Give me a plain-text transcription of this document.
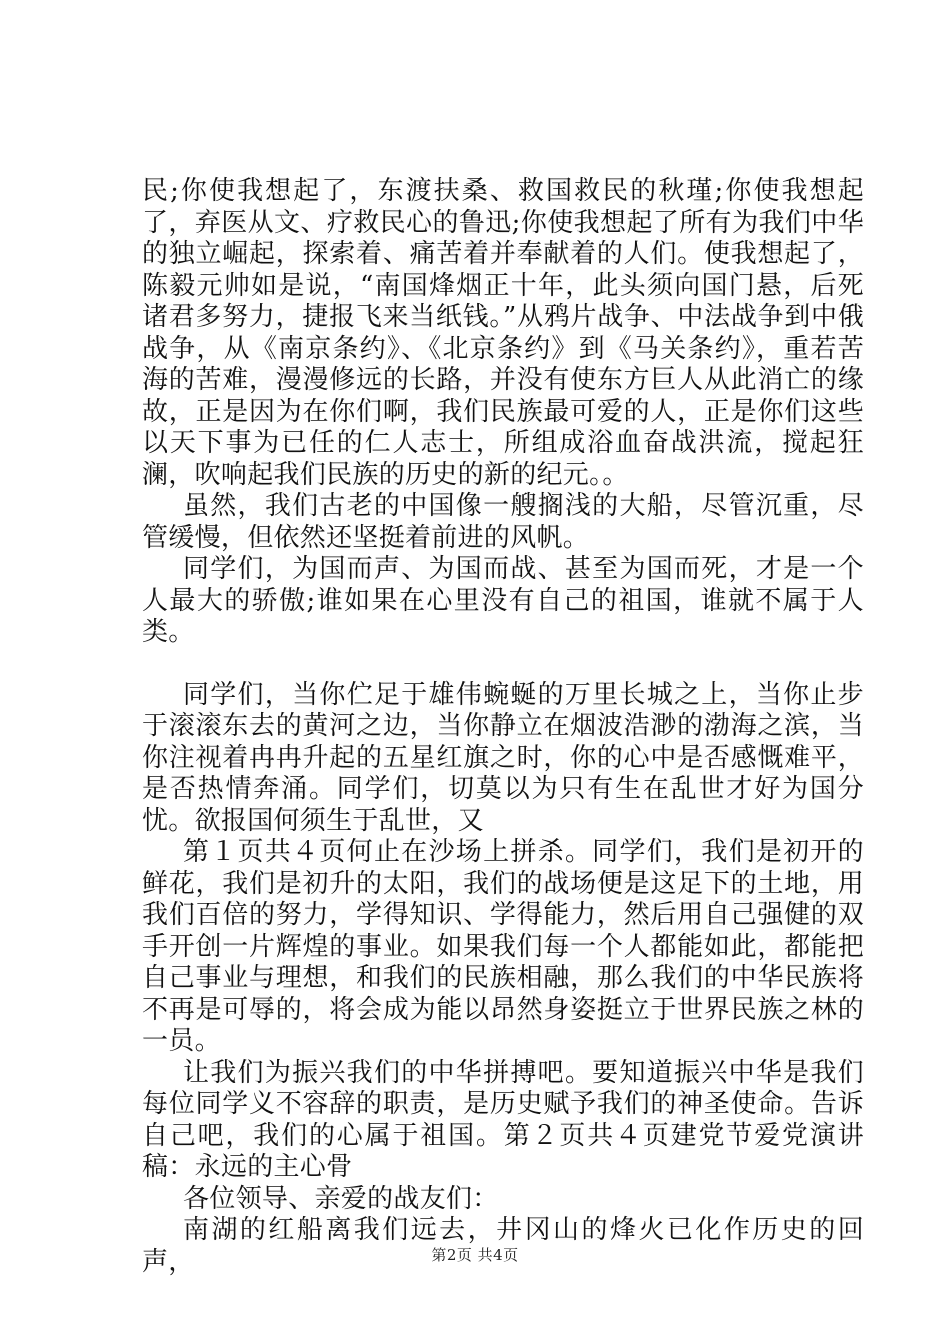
民;你使我想起了，东渡扶桑、救国救民的秋瑾;你使我想起了，弃医从文、疗救民心的鲁迅;你使我想起了所有为我们中华的独立崛起，探索着、痛苦着并奉献着的人们。使我想起了，陈毅元帅如是说，“南国烽烟正十年，此头须向国门悬，后死诸君多努力，捷报飞来当纸钱。”从鸦片战争、中法战争到中俄战争，从《南京条约》、《北京条约》到《马关条约》，重若苦海的苦难，漫漫修远的长路，并没有使东方巨人从此消亡的缘故，正是因为在你们啊，我们民族最可爱的人，正是你们这些以天下事为已任的仁人志士，所组成浴血奋战洪流，搅起狂澜，吹响起我们民族的历史的新的纪元。。

虽然，我们古老的中国像一艘搁浅的大船，尽管沉重，尽管缓慢，但依然还坚挺着前进的风帆。

同学们，为国而声、为国而战、甚至为国而死，才是一个人最大的骄傲;谁如果在心里没有自己的祖国，谁就不属于人类。

同学们，当你伫足于雄伟蜿蜒的万里长城之上，当你止步于滚滚东去的黄河之边，当你静立在烟波浩渺的渤海之滨，当你注视着冉冉升起的五星红旗之时，你的心中是否感慨难平，是否热情奔涌。同学们，切莫以为只有生在乱世才好为国分忧。欲报国何须生于乱世，又

第１页共４页何止在沙场上拼杀。同学们，我们是初开的鲜花，我们是初升的太阳，我们的战场便是这足下的土地，用我们百倍的努力，学得知识、学得能力，然后用自己强健的双手开创一片辉煌的事业。如果我们每一个人都能如此，都能把自己事业与理想，和我们的民族相融，那么我们的中华民族将不再是可辱的，将会成为能以昂然身姿挺立于世界民族之林的一员。

让我们为振兴我们的中华拼搏吧。要知道振兴中华是我们每位同学义不容辞的职责，是历史赋予我们的神圣使命。告诉自己吧，我们的心属于祖国。第２页共４页建党节爱党演讲稿：永远的主心骨

各位领导、亲爱的战友们：

南湖的红船离我们远去，井冈山的烽火已化作历史的回声，	第2页 共4页
